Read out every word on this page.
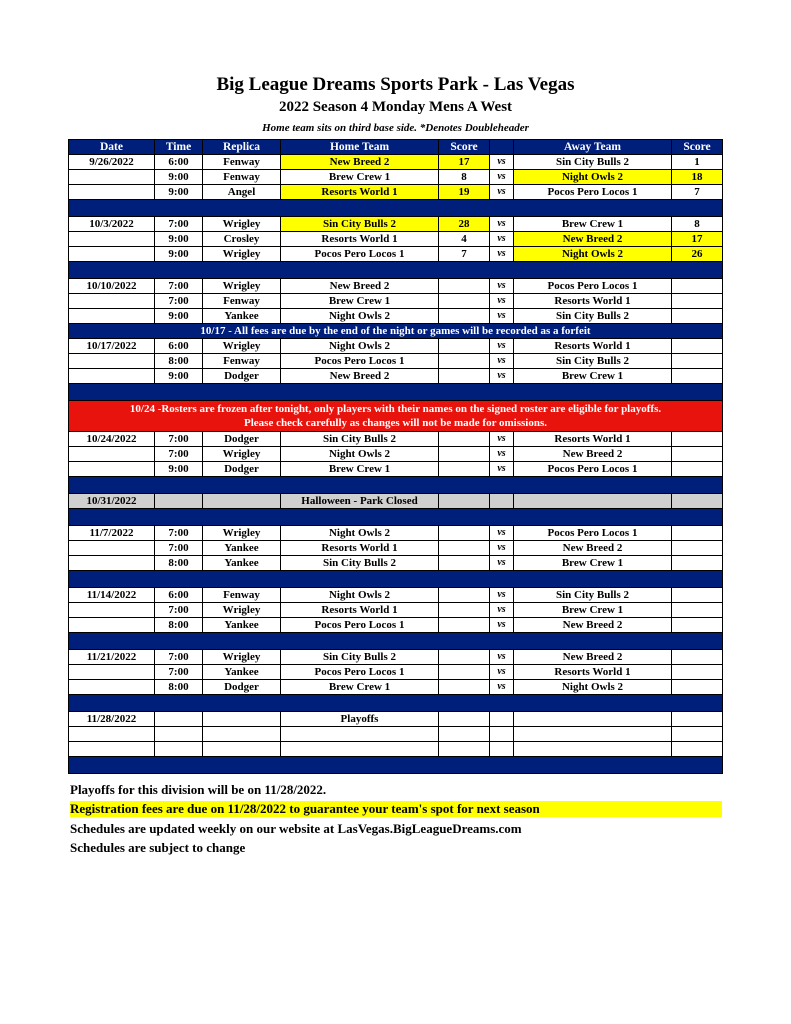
Big League Dreams Sports Park - Las Vegas
2022 Season 4 Monday Mens A West
Home team sits on third base side. *Denotes Doubleheader
Date	Time	Replica	Home Team	Score		Away Team	Score
9/26/2022	6:00	Fenway	New Breed 2	17	vs	Sin City Bulls 2	1
	9:00	Fenway	Brew Crew 1	8	vs	Night Owls 2	18
	9:00	Angel	Resorts World 1	19	vs	Pocos Pero Locos 1	7

10/3/2022	7:00	Wrigley	Sin City Bulls 2	28	vs	Brew Crew 1	8
	9:00	Crosley	Resorts World 1	4	vs	New Breed 2	17
	9:00	Wrigley	Pocos Pero Locos 1	7	vs	Night Owls 2	26

10/10/2022	7:00	Wrigley	New Breed 2		vs	Pocos Pero Locos 1	
	7:00	Fenway	Brew Crew 1		vs	Resorts World 1	
	9:00	Yankee	Night Owls 2		vs	Sin City Bulls 2	
10/17 - All fees are due by the end of the night or games will be recorded as a forfeit							
10/17/2022	6:00	Wrigley	Night Owls 2		vs	Resorts World 1	
	8:00	Fenway	Pocos Pero Locos 1		vs	Sin City Bulls 2	
	9:00	Dodger	New Breed 2		vs	Brew Crew 1	

10/24 -Rosters are frozen after tonight, only players with their names on the signed roster are eligible for playoffs.
Please check carefully as changes will not be made for omissions.							

10/24/2022	7:00	Dodger	Sin City Bulls 2		vs	Resorts World 1	
	7:00	Wrigley	Night Owls 2		vs	New Breed 2	
	9:00	Dodger	Brew Crew 1		vs	Pocos Pero Locos 1	

10/31/2022			Halloween - Park Closed				

11/7/2022	7:00	Wrigley	Night Owls 2		vs	Pocos Pero Locos 1	
	7:00	Yankee	Resorts World 1		vs	New Breed 2	
	8:00	Yankee	Sin City Bulls 2		vs	Brew Crew 1	

11/14/2022	6:00	Fenway	Night Owls 2		vs	Sin City Bulls 2	
	7:00	Wrigley	Resorts World 1		vs	Brew Crew 1	
	8:00	Yankee	Pocos Pero Locos 1		vs	New Breed 2	

11/21/2022	7:00	Wrigley	Sin City Bulls 2		vs	New Breed 2	
	7:00	Yankee	Pocos Pero Locos 1		vs	Resorts World 1	
	8:00	Dodger	Brew Crew 1		vs	Night Owls 2	

11/28/2022			Playoffs				

Playoffs for this division will be on 11/28/2022.
Registration fees are due on 11/28/2022 to guarantee your team's spot for next season
Schedules are updated weekly on our website at LasVegas.BigLeagueDreams.com
Schedules are subject to change
